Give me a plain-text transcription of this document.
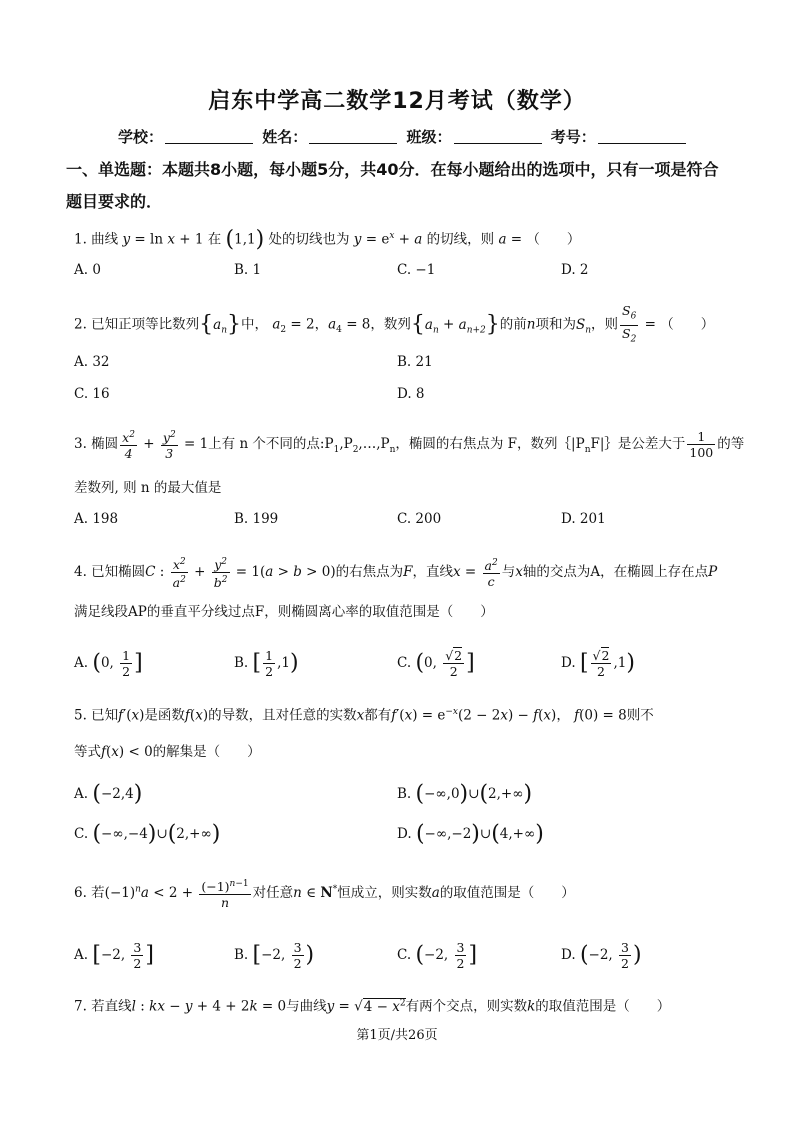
启东中学高二数学12月考试（数学）
学校：	姓名：	班级：	考号：
一、单选题：本题共8小题，每小题5分，共40分．在每小题给出的选项中，只有一项是符合题目要求的．
1. 曲线 y = ln x + 1 在 (1,1) 处的切线也为 $y = e^x + a$ 的切线，则 a = （　　）
A. 0	B. 1	C. −1	D. 2
2. 已知正项等比数列$\{a_n\}$中， $a_2 = 2$，$a_4 = 8$，数列$\{a_n + a_{n+2}\}$的前n项和为$S_n$，则 $\frac{S_6}{S_2}$ = （　　）
A. 32	B. 21
C. 16	D. 8
3. 椭圆 $\frac{x^2}{4} + \frac{y^2}{3} = 1$上有 n 个不同的点$:P_1,P_2,\dots,P_n$，椭圆的右焦点为 F，数列$\{|P_nF|\}$是公差大于 $\frac{1}{100}$ 的等
差数列, 则 n 的最大值是
A. 198	B. 199	C. 200	D. 201
4. 已知椭圆C : $\frac{x^2}{a^2} + \frac{y^2}{b^2} = 1(a > b > 0)$的右焦点为F，直线$x = \frac{a^2}{c}$ 与x轴的交点为A，在椭圆上存在点P
满足线段AP的垂直平分线过点F，则椭圆离心率的取值范围是（　　）
A. (0, $\frac{1}{2}$ ]	B. [ $\frac{1}{2} ,1$)	C. (0, $\frac{√2}{2}$ ]	D. [ $\frac{√2}{2} ,1$)
5. 已知f′(x)是函数f(x)的导数，且对任意的实数x都有$f'(x) = e^{-x}(2 - 2x) - f(x)$， f(0) = 8则不
等式f(x) < 0的解集是（　　）
A. (−2,4)	B. (−∞,0)∪(2,+∞)
C. (−∞,−4)∪(2,+∞)	D. (−∞,−2)∪(4,+∞)
6. 若$(-1)^na < 2 + \frac{(-1)^{n-1}}{n}$ 对任意n ∈ N*恒成立，则实数a的取值范围是（　　）
A. [−2, $\frac{3}{2}$ ]	B. [−2, $\frac{3}{2}$ )	C. (−2, $\frac{3}{2}$ ]	D. (−2, $\frac{3}{2}$ )
7. 若直线l : kx − y + 4 + 2k = 0与曲线$y = √4 - x^2$有两个交点，则实数k的取值范围是（　　）
第1页/共26页
